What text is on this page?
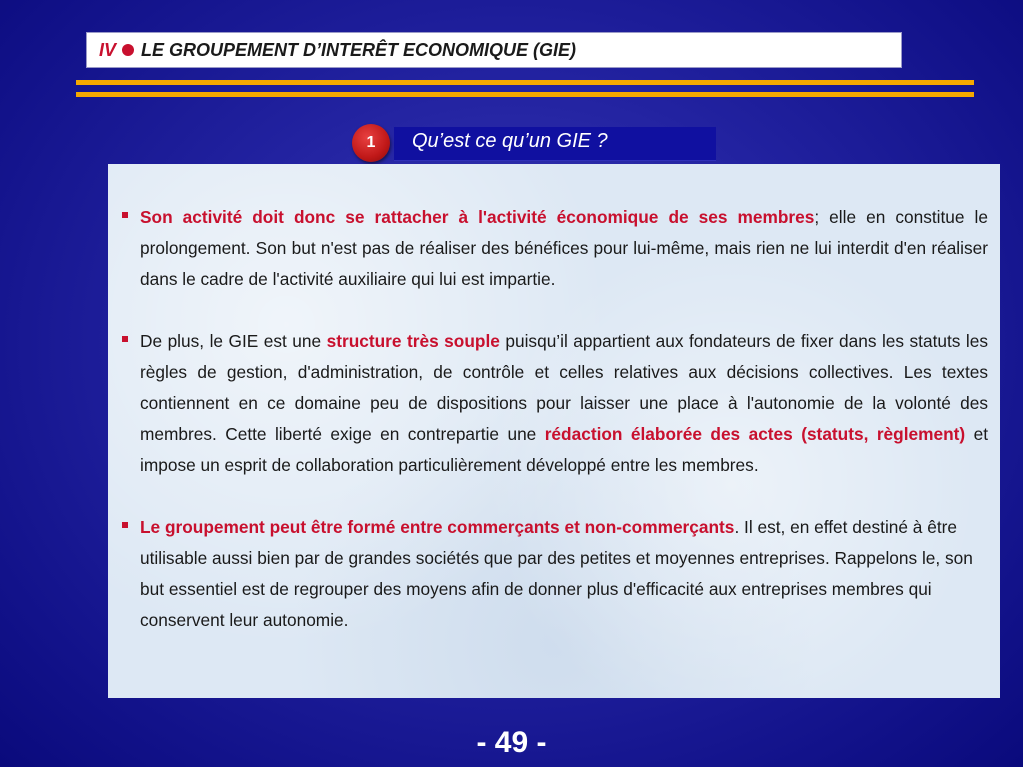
IV LE GROUPEMENT D’INTERÊT ECONOMIQUE (GIE)
1	Qu’est ce qu’un GIE ?
Son activité doit donc se rattacher à l'activité économique de ses membres; elle en constitue le prolongement. Son but n'est pas de réaliser des bénéfices pour lui-même, mais rien ne lui interdit d'en réaliser dans le cadre de l'activité auxiliaire qui lui est impartie.
De plus, le GIE est une structure très souple puisqu’il appartient aux fondateurs de fixer dans les statuts les règles de gestion, d'administration, de contrôle et celles relatives aux décisions collectives. Les textes contiennent en ce domaine peu de dispositions pour laisser une place à l'autonomie de la volonté des membres. Cette liberté exige en contrepartie une rédaction élaborée des actes (statuts, règlement) et impose un esprit de collaboration particulièrement développé entre les membres.
Le groupement peut être formé entre commerçants et non-commerçants. Il est, en effet destiné à être utilisable aussi bien par de grandes sociétés que par des petites et moyennes entreprises. Rappelons le, son but essentiel est de regrouper des moyens afin de donner plus d'efficacité aux entreprises membres qui conservent leur autonomie.
- 49 -
